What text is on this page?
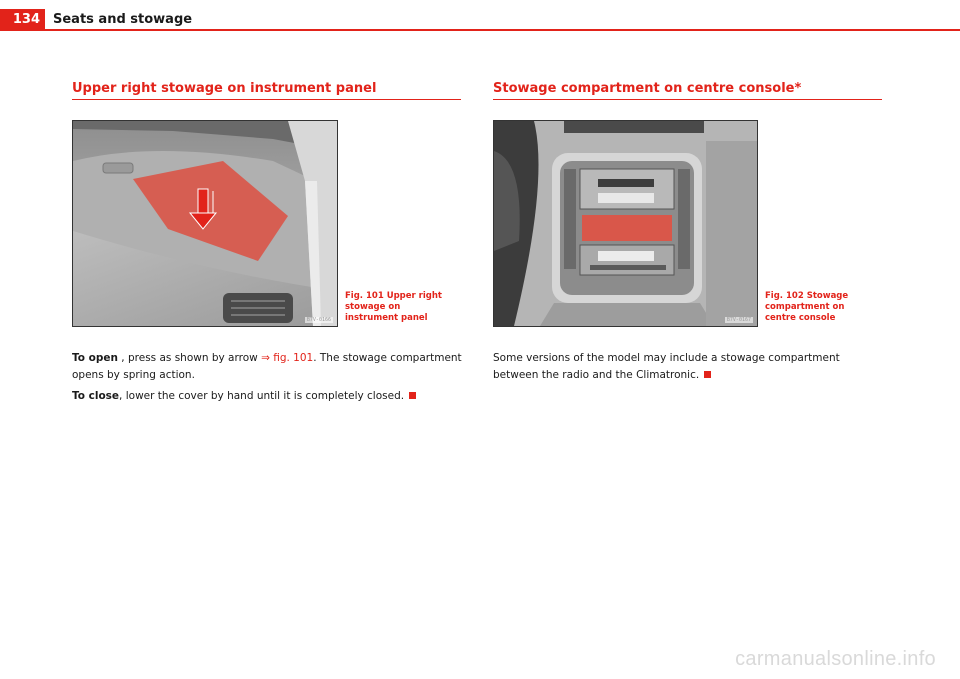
134	Seats and stowage
Upper right stowage on instrument panel
B7V-0166
Fig. 101 Upper right stowage on instrument panel
To open , press as shown by arrow ⇒ fig. 101. The stowage compartment opens by spring action.
To close, lower the cover by hand until it is completely closed.
Stowage compartment on centre console*
B7V-0167
Fig. 102 Stowage compartment on centre console
Some versions of the model may include a stowage compartment between the radio and the Climatronic.
carmanualsonline.info
